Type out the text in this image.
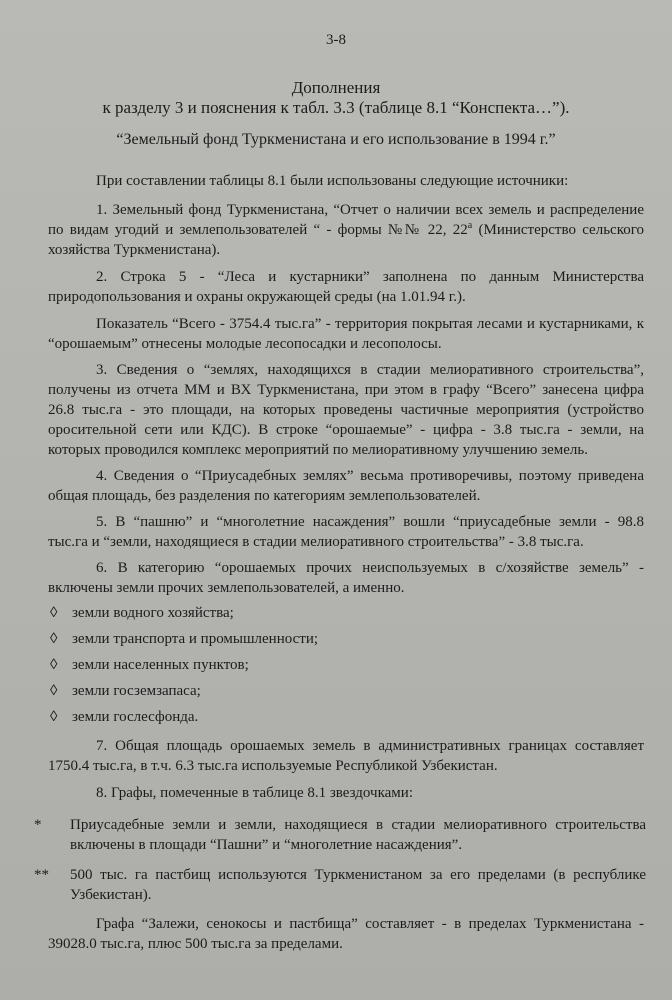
3-8
Дополнения
к разделу 3 и пояснения к табл. 3.3 (таблице 8.1 “Конспекта…”).
“Земельный фонд Туркменистана и его использование в 1994 г.”
При составлении таблицы 8.1 были использованы следующие источники:
1. Земельный фонд Туркменистана, “Отчет о наличии всех земель и распределение по видам угодий и землепользователей “ - формы №№ 22, $22^а$ (Министерство сельского хозяйства Туркменистана).
2. Строка 5 - “Леса и кустарники” заполнена по данным Министерства природопользования и охраны окружающей среды (на 1.01.94 г.).
Показатель “Всего - 3754.4 тыс.га” - территория покрытая лесами и кустарниками, к “орошаемым” отнесены молодые лесопосадки и лесополосы.
3. Сведения о “землях, находящихся в стадии мелиоративного строительства”, получены из отчета ММ и ВХ Туркменистана, при этом в графу “Всего” занесена цифра 26.8 тыс.га - это площади, на которых проведены частичные мероприятия (устройство оросительной сети или КДС). В строке “орошаемые” - цифра - 3.8 тыс.га - земли, на которых проводился комплекс мероприятий по мелиоративному улучшению земель.
4. Сведения о “Приусадебных землях” весьма противоречивы, поэтому приведена общая площадь, без разделения по категориям землепользователей.
5. В “пашню” и “многолетние насаждения” вошли “приусадебные земли - 98.8 тыс.га и “земли, находящиеся в стадии мелиоративного строительства” - 3.8 тыс.га.
6. В категорию “орошаемых прочих неиспользуемых в с/хозяйстве земель” - включены земли прочих землепользователей, а именно.
◊ земли водного хозяйства;
◊ земли транспорта и промышленности;
◊ земли населенных пунктов;
◊ земли госземзапаса;
◊ земли гослесфонда.
7. Общая площадь орошаемых земель в административных границах составляет 1750.4 тыс.га, в т.ч. 6.3 тыс.га используемые Республикой Узбекистан.
8. Графы, помеченные в таблице 8.1 звездочками:
* Приусадебные земли и земли, находящиеся в стадии мелиоративного строительства включены в площади “Пашни” и “многолетние насаждения”.
** 500 тыс. га пастбищ используются Туркменистаном за его пределами (в республике Узбекистан).
Графа “Залежи, сенокосы и пастбища” составляет - в пределах Туркменистана - 39028.0 тыс.га, плюс 500 тыс.га за пределами.
